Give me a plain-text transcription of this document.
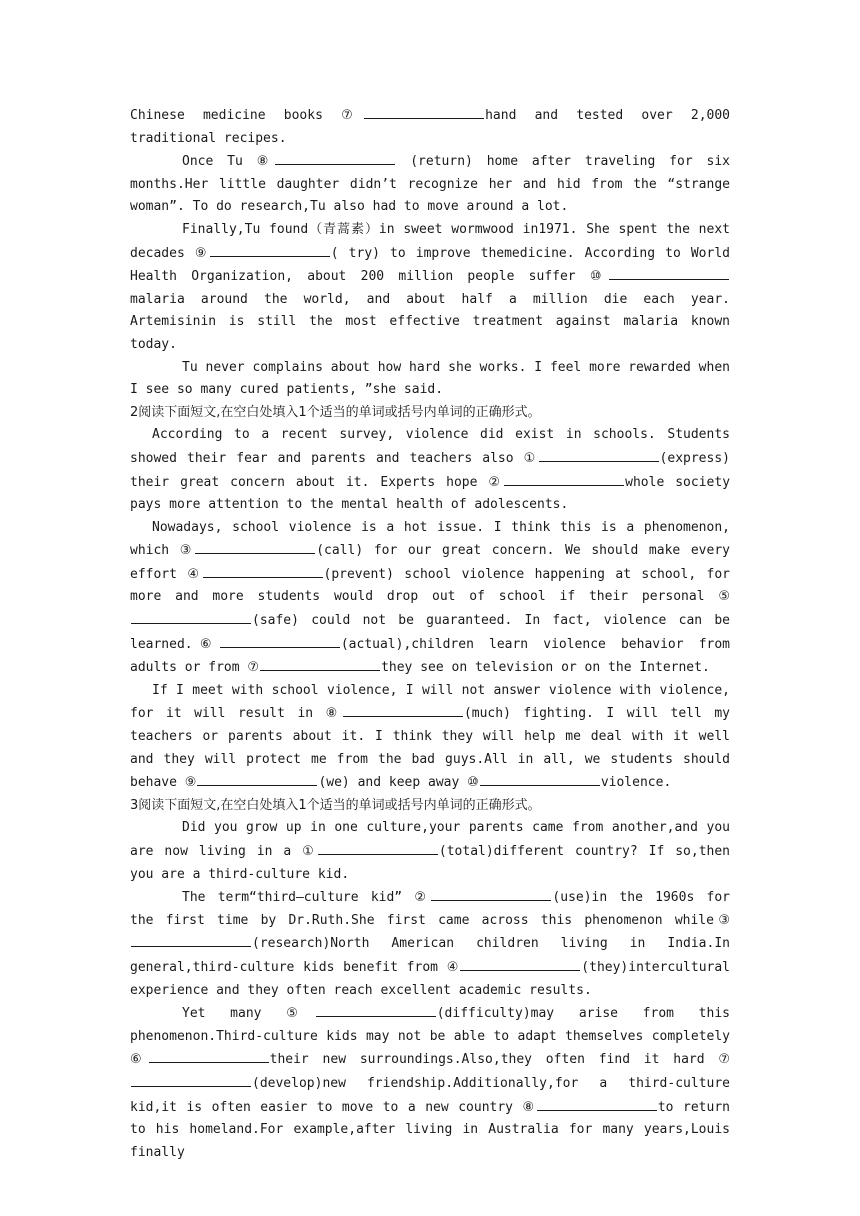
Chinese medicine books ⑦	hand and tested over 2,000 traditional recipes.

Once Tu ⑧	(return) home after traveling for six months.Her little daughter didn’t recognize her and hid from the “strange woman”. To do research,Tu also had to move around a lot.

Finally,Tu found（青蒿素）in sweet wormwood in1971. She spent the next decades ⑨	( try) to improve themedicine. According to World Health Organization, about 200 million people suffer ⑩malaria around the world, and about half a million die each year. Artemisinin is still the most effective treatment against malaria known today.

Tu never complains about how hard she works. I feel more rewarded when I see so many cured patients, ”she said.

2阅读下面短文,在空白处填入1个适当的单词或括号内单词的正确形式。

According to a recent survey, violence did exist in schools. Students showed their fear and parents and teachers also ①	(express) their great concern about it. Experts hope ②	whole society pays more attention to the mental health of adolescents.

Nowadays, school violence is a hot issue. I think this is a phenomenon, which ③	(call) for our great concern. We should make every effort ④	(prevent) school violence happening at school, for more and more students would drop out of school if their personal ⑤(safe) could not be guaranteed. In fact, violence can be learned.⑥	(actual),children learn violence behavior from adults or from ⑦	they see on television or on the Internet.

If I meet with school violence, I will not answer violence with violence, for it will result in ⑧	(much) fighting. I will tell my teachers or parents about it. I think they will help me deal with it well and they will protect me from the bad guys.All in all, we students should behave ⑨	(we) and keep away ⑩	violence.

3阅读下面短文,在空白处填入1个适当的单词或括号内单词的正确形式。

Did you grow up in one culture,your parents came from another,and you are now living in a ①	(total)different country? If so,then you are a third-culture kid.

The term“third—culture kid” ②	(use)in the 1960s for the first time by Dr.Ruth.She first came across this phenomenon while③(research)North American children living in India.In general,third-culture kids benefit from ④	(they)intercultural experience and they often reach excellent academic results.

Yet many ⑤	(difficulty)may arise from this phenomenon.Third-culture kids may not be able to adapt themselves completely ⑥	their new surroundings.Also,they often find it hard ⑦(develop)new friendship.Additionally,for a third-culture kid,it is often easier to move to a new country ⑧	to return to his homeland.For example,after living in Australia for many years,Louis finally
